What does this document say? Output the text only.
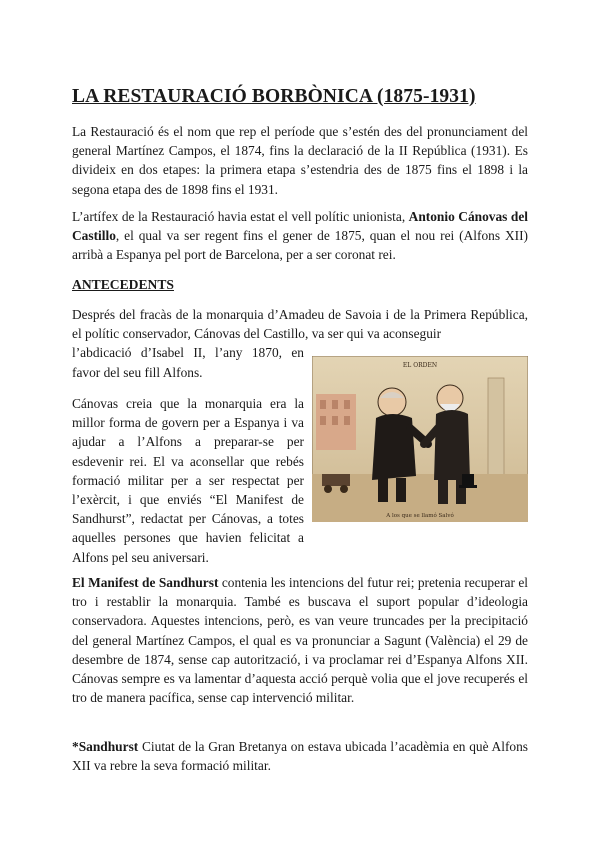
LA RESTAURACIÓ BORBÒNICA (1875-1931)

La Restauració és el nom que rep el període que s’estén des del pronunciament del general Martínez Campos, el 1874, fins la declaració de la II República (1931). Es divideix en dos etapes: la primera etapa s’estendria des de 1875 fins el 1898 i la segona etapa des de 1898 fins el 1931.

L’artífex de la Restauració havia estat el vell polític unionista, Antonio Cánovas del Castillo, el qual va ser regent fins el gener de 1875, quan el nou rei (Alfons XII) arribà a Espanya pel port de Barcelona, per a ser coronat rei.

ANTECEDENTS

Després del fracàs de la monarquia d’Amadeu de Savoia i de la Primera República, el polític conservador, Cánovas del Castillo, va ser qui va aconseguir

l’abdicació d’Isabel II, l’any 1870, en favor del seu fill Alfons.

Cánovas creia que la monarquia era la millor forma de govern per a Espanya i va ajudar a l’Alfons a preparar-se per esdevenir rei. El va aconsellar que rebés formació militar per a ser respectat per l’exèrcit, i que enviés “El Manifest de Sandhurst”, redactat per Cánovas, a totes aquelles persones que havien felicitat a Alfons pel seu aniversari.

EL ORDEN
A los que se llamó Salvó

El Manifest de Sandhurst contenia les intencions del futur rei; pretenia recuperar el tro i restablir la monarquia. També es buscava el suport popular d’ideologia conservadora. Aquestes intencions, però, es van veure truncades per la precipitació del general Martínez Campos, el qual es va pronunciar a Sagunt (València) el 29 de desembre de 1874, sense cap autorització, i va proclamar rei d’Espanya Alfons XII. Cánovas sempre es va lamentar d’aquesta acció perquè volia que el jove recuperés el tro de manera pacífica, sense cap intervenció militar.

*Sandhurst Ciutat de la Gran Bretanya on estava ubicada l’acadèmia en què Alfons XII va rebre la seva formació militar.
